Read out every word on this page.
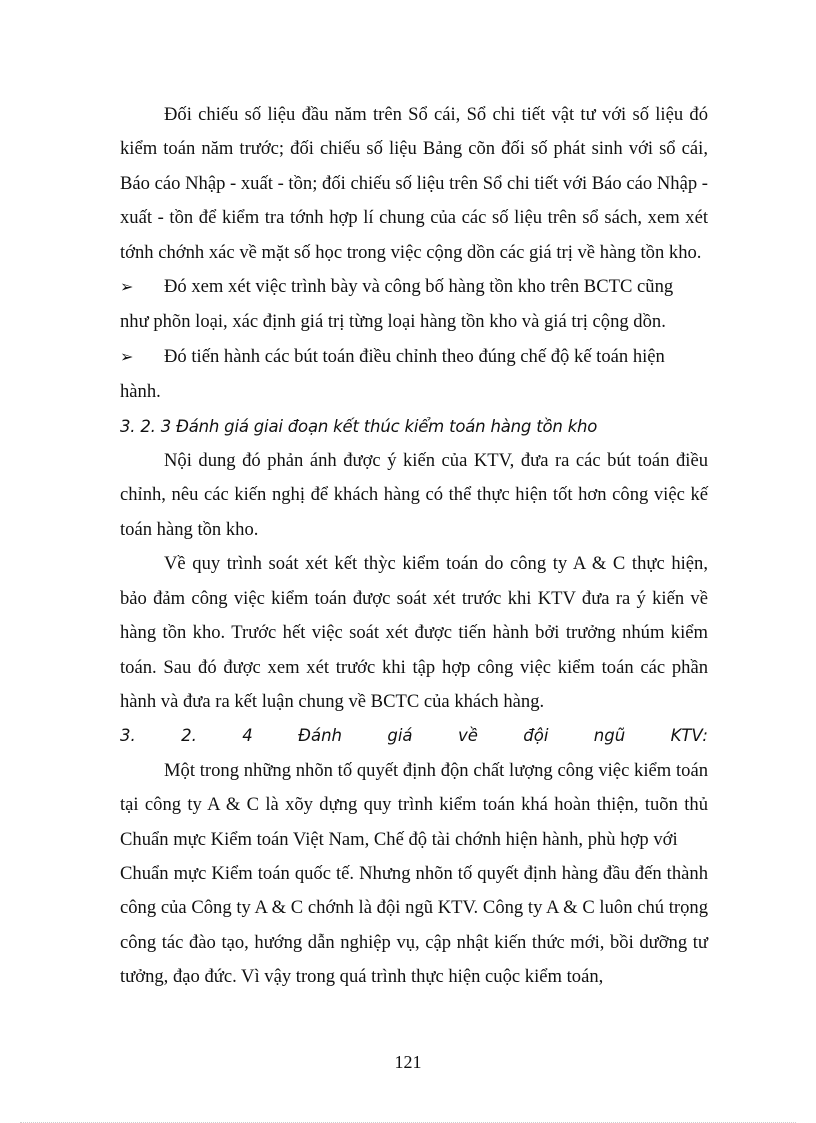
Đối chiếu số liệu đầu năm trên Sổ cái, Sổ chi tiết vật tư với số liệu đó kiểm toán năm trước; đối chiếu số liệu Bảng cõn đối số phát sinh với sổ cái, Báo cáo Nhập - xuất - tồn; đối chiếu số liệu trên Sổ chi tiết với Báo cáo Nhập - xuất - tồn để kiểm tra tớnh hợp lí chung của các số liệu trên sổ sách, xem xét tớnh chớnh xác về mặt số học trong việc cộng dồn các giá trị về hàng tồn kho.

➢	Đó xem xét việc trình bày và công bố hàng tồn kho trên BCTC cũng

như phõn loại, xác định giá trị từng loại hàng tồn kho và giá trị cộng dồn.

➢	Đó tiến hành các bút toán điều chỉnh theo đúng chế độ kế toán hiện

hành.

3. 2. 3 Đánh giá giai đoạn kết thúc kiểm toán hàng tồn kho

Nội dung đó phản ánh được ý kiến của KTV, đưa ra các bút toán điều chỉnh, nêu các kiến nghị để khách hàng có thể thực hiện tốt hơn công việc kế toán hàng tồn kho.

Về quy trình soát xét kết thỳc kiểm toán do công ty A & C thực hiện, bảo đảm công việc kiểm toán được soát xét trước khi KTV đưa ra ý kiến về hàng tồn kho. Trước hết việc soát xét được tiến hành bởi trưởng nhúm kiểm toán. Sau đó được xem xét trước khi tập hợp công việc kiểm toán các phần hành và đưa ra kết luận chung về BCTC của khách hàng.

3.	2.	4	Đánh	giá	về	đội	ngũ	KTV:

Một trong những nhõn tố quyết định độn chất lượng công việc kiểm toán tại công ty A & C là xõy dựng quy trình kiểm toán khá hoàn thiện, tuõn thủ Chuẩn mực Kiểm toán Việt Nam, Chế độ tài chớnh hiện hành, phù hợp với

Chuẩn mực Kiểm toán quốc tế. Nhưng nhõn tố quyết định hàng đầu đến thành công của Công ty A & C chớnh là đội ngũ KTV. Công ty A & C luôn chú trọng công tác đào tạo, hướng dẫn nghiệp vụ, cập nhật kiến thức mới, bồi dưỡng tư tưởng, đạo đức. Vì vậy trong quá trình thực hiện cuộc kiểm toán,

121
